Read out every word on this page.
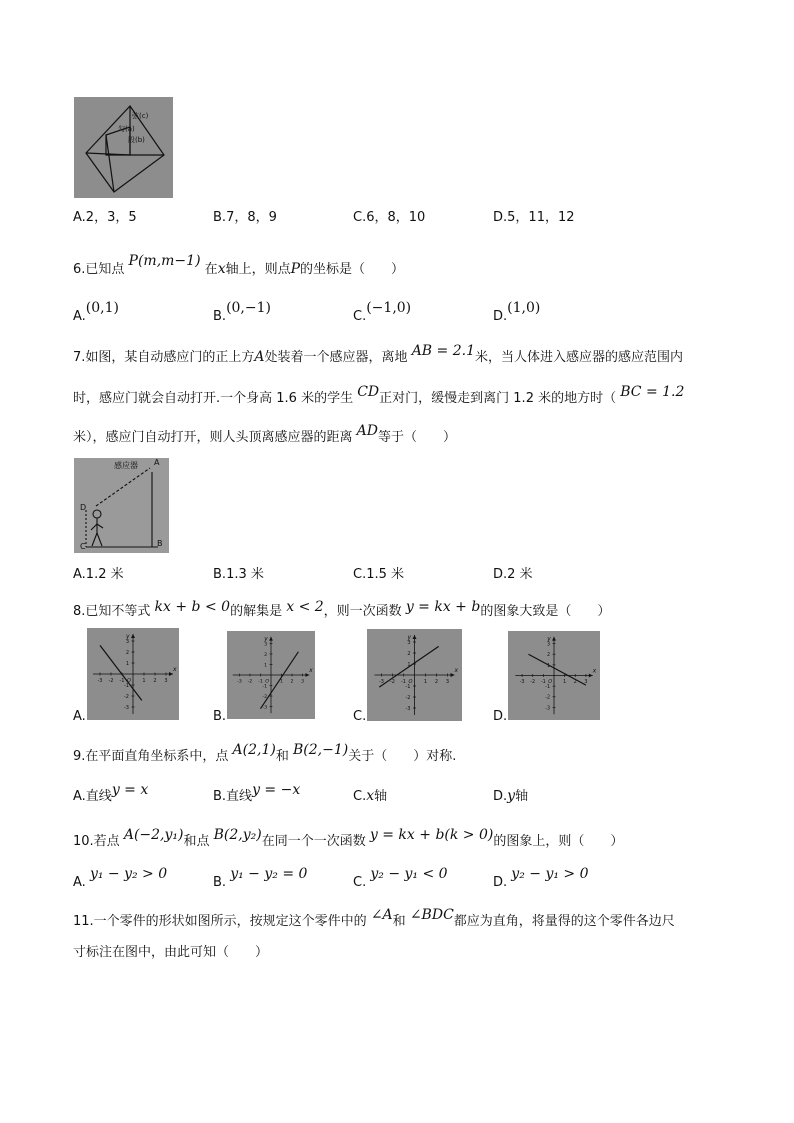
弦(c)
勾(a)
股(b)
A.2，3，5	B.7，8，9	C.6，8，10	D.5，11，12
6.已知点 P(m,m−1) 在x轴上，则点P的坐标是（　　）
A.(0,1)
B.(0,−1)
C.(−1,0)
D.(1,0)
7.如图，某自动感应门的正上方A处装着一个感应器，离地 AB = 2.1米，当人体进入感应器的感应范围内
时，感应门就会自动打开.一个身高 1.6 米的学生 CD正对门，缓慢走到离门 1.2 米的地方时（ BC = 1.2
米），感应门自动打开，则人头顶离感应器的距离 AD等于（　　）
感应器 A
D
C	B
A.1.2 米	B.1.3 米	C.1.5 米	D.2 米
8.已知不等式 kx + b < 0的解集是 x < 2，则一次函数 y = kx + b的图象大致是（　　）
-3 -2 -1	1 2 3
3
2
1
-1
-2
-3
x
y
O	-3 -2 -1	1 2 3
3
2
1
-1
-2
-3
x
y
O	-3 -2 -1	1 2 3
3
2
1
-1
-2
-3
x
y
O	-3 -2 -1	1 2 3
3
2
1
-1
-2
-3
x
y
O
A.	B.	C.	D.
9.在平面直角坐标系中，点 A(2,1)和 B(2,−1)关于（　　）对称.
A.直线y = x	B.直线y = −x	C.x轴	D.y轴
10.若点 A(−2,y₁)和点 B(2,y₂)在同一个一次函数 y = kx + b(k > 0)的图象上，则（　　）
A. y₁ − y₂ > 0
B. y₁ − y₂ = 0
C. y₂ − y₁ < 0
D. y₂ − y₁ > 0
11.一个零件的形状如图所示，按规定这个零件中的 ∠A和 ∠BDC都应为直角，将量得的这个零件各边尺
寸标注在图中，由此可知（　　）
